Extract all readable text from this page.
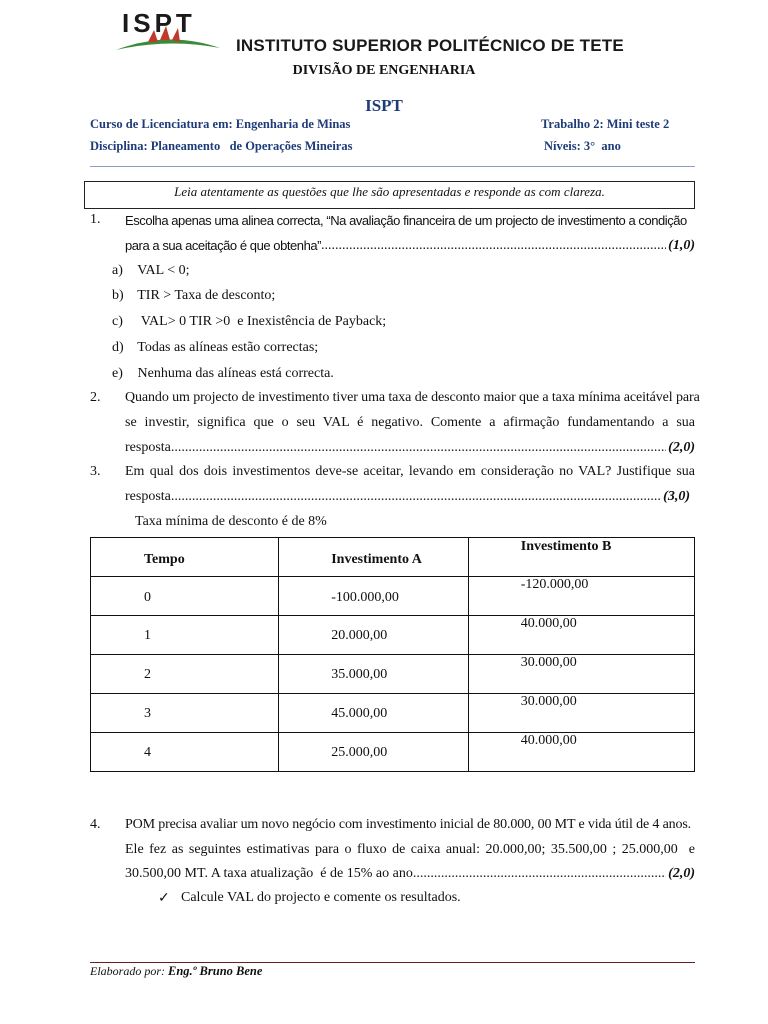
ISPT
INSTITUTO SUPERIOR POLITÉCNICO DE TETE
DIVISÃO DE ENGENHARIA
ISPT
Curso de Licenciatura em: Engenharia de Minas	Trabalho 2: Mini teste 2
Disciplina: Planeamento   de Operações Mineiras	Níveis: 3°  ano
Leia atentamente as questões que lhe são apresentadas e responde as com clareza.
1. Escolha apenas uma alinea correcta, “Na avaliação financeira de um projecto de investimento a condição
para a sua aceitação é que obtenha” .....	(1,0)
a) VAL < 0;
b) TIR > Taxa de desconto;
c)  VAL> 0 TIR >0  e Inexistência de Payback;
d) Todas as alíneas estão correctas;
e) Nenhuma das alíneas está correcta.
2. Quando um projecto de investimento tiver uma taxa de desconto maior que a taxa mínima aceitável para
se investir, significa que o seu VAL é negativo. Comente a afirmação fundamentando a sua
resposta .....	(2,0)
3. Em qual dos dois investimentos deve-se aceitar, levando em consideração no VAL? Justifique sua
resposta .....	(3,0)
Taxa mínima de desconto é de 8%
Tempo	Investimento A	Investimento B

0	-100.000,00	-120.000,00

1	20.000,00	40.000,00

2	35.000,00	30.000,00

3	45.000,00	30.000,00

4	25.000,00	40.000,00
4. POM precisa avaliar um novo negócio com investimento inicial de 80.000, 00 MT e vida útil de 4 anos.
Ele fez as seguintes estimativas para o fluxo de caixa anual: 20.000,00; 35.500,00 ; 25.000,00  e
30.500,00 MT. A taxa atualização  é de 15% ao ano .....	(2,0)
✓ Calcule VAL do projecto e comente os resultados.
Elaborado por: Eng.º Bruno Bene
